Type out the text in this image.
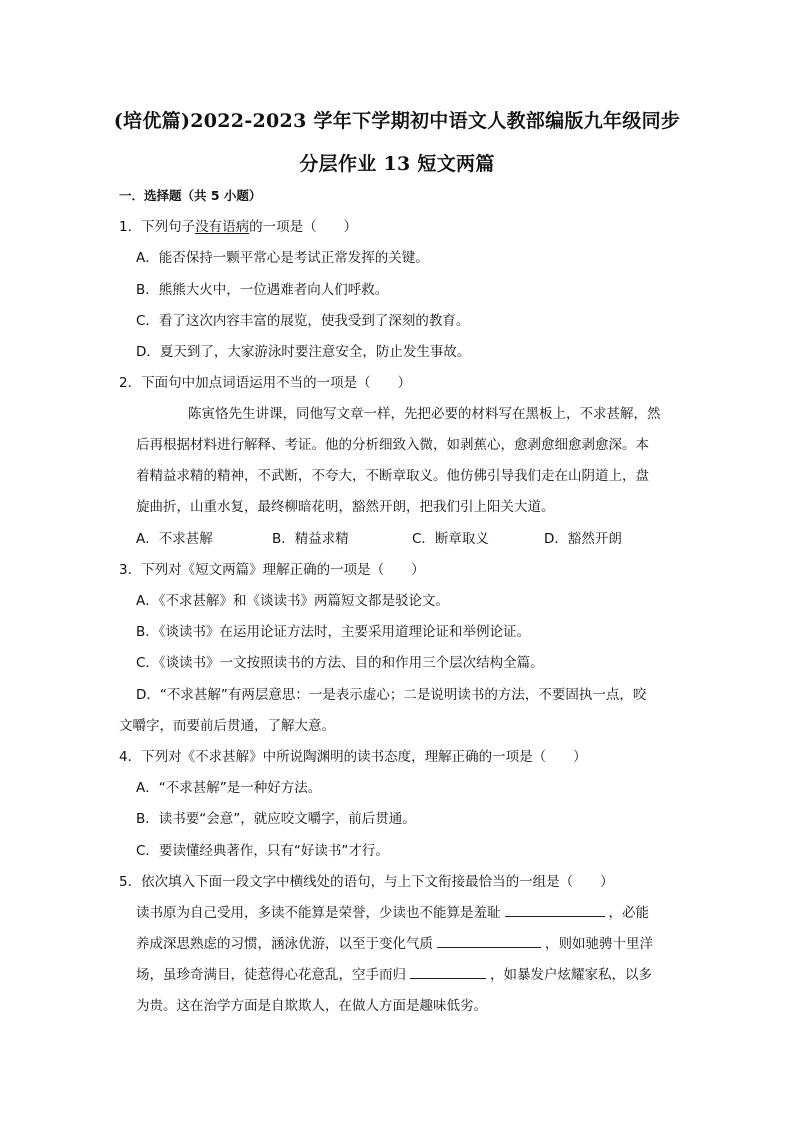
(培优篇)2022-2023 学年下学期初中语文人教部编版九年级同步
分层作业 13 短文两篇
一．选择题（共 5 小题）
1．下列句子没有语病的一项是（　　）
A．能否保持一颗平常心是考试正常发挥的关键。
B．熊熊大火中，一位遇难者向人们呼救。
C．看了这次内容丰富的展览，使我受到了深刻的教育。
D．夏天到了，大家游泳时要注意安全，防止发生事故。
2．下面句中加点词语运用不当的一项是（　　）
陈寅恪先生讲课，同他写文章一样，先把必要的材料写在黑板上，不求甚解，然
后再根据材料进行解释、考证。他的分析细致入微，如剥蕉心，愈剥愈细愈剥愈深。本
着精益求精的精神，不武断，不夸大，不断章取义。他仿佛引导我们走在山阴道上，盘
旋曲折，山重水复，最终柳暗花明，豁然开朗，把我们引上阳关大道。
A．不求甚解	B．精益求精	C．断章取义	D．豁然开朗
3．下列对《短文两篇》理解正确的一项是（　　）
A．《不求甚解》和《谈读书》两篇短文都是驳论文。
B．《谈读书》在运用论证方法时，主要采用道理论证和举例论证。
C．《谈读书》一文按照读书的方法、目的和作用三个层次结构全篇。
D．“不求甚解”有两层意思：一是表示虚心；二是说明读书的方法，不要固执一点，咬
文嚼字，而要前后贯通，了解大意。
4．下列对《不求甚解》中所说陶渊明的读书态度，理解正确的一项是（　　）
A．“不求甚解”是一种好方法。
B．读书要“会意”，就应咬文嚼字，前后贯通。
C．要读懂经典著作，只有“好读书”才行。
5．依次填入下面一段文字中横线处的语句，与上下文衔接最恰当的一组是（　　）
读书原为自己受用，多读不能算是荣誉，少读也不能算是羞耻	，必能
养成深思熟虑的习惯，涵泳优游，以至于变化气质	，则如驰骋十里洋
场，虽珍奇满目，徒惹得心花意乱，空手而归	，如暴发户炫耀家私，以多
为贵。这在治学方面是自欺欺人，在做人方面是趣味低劣。
